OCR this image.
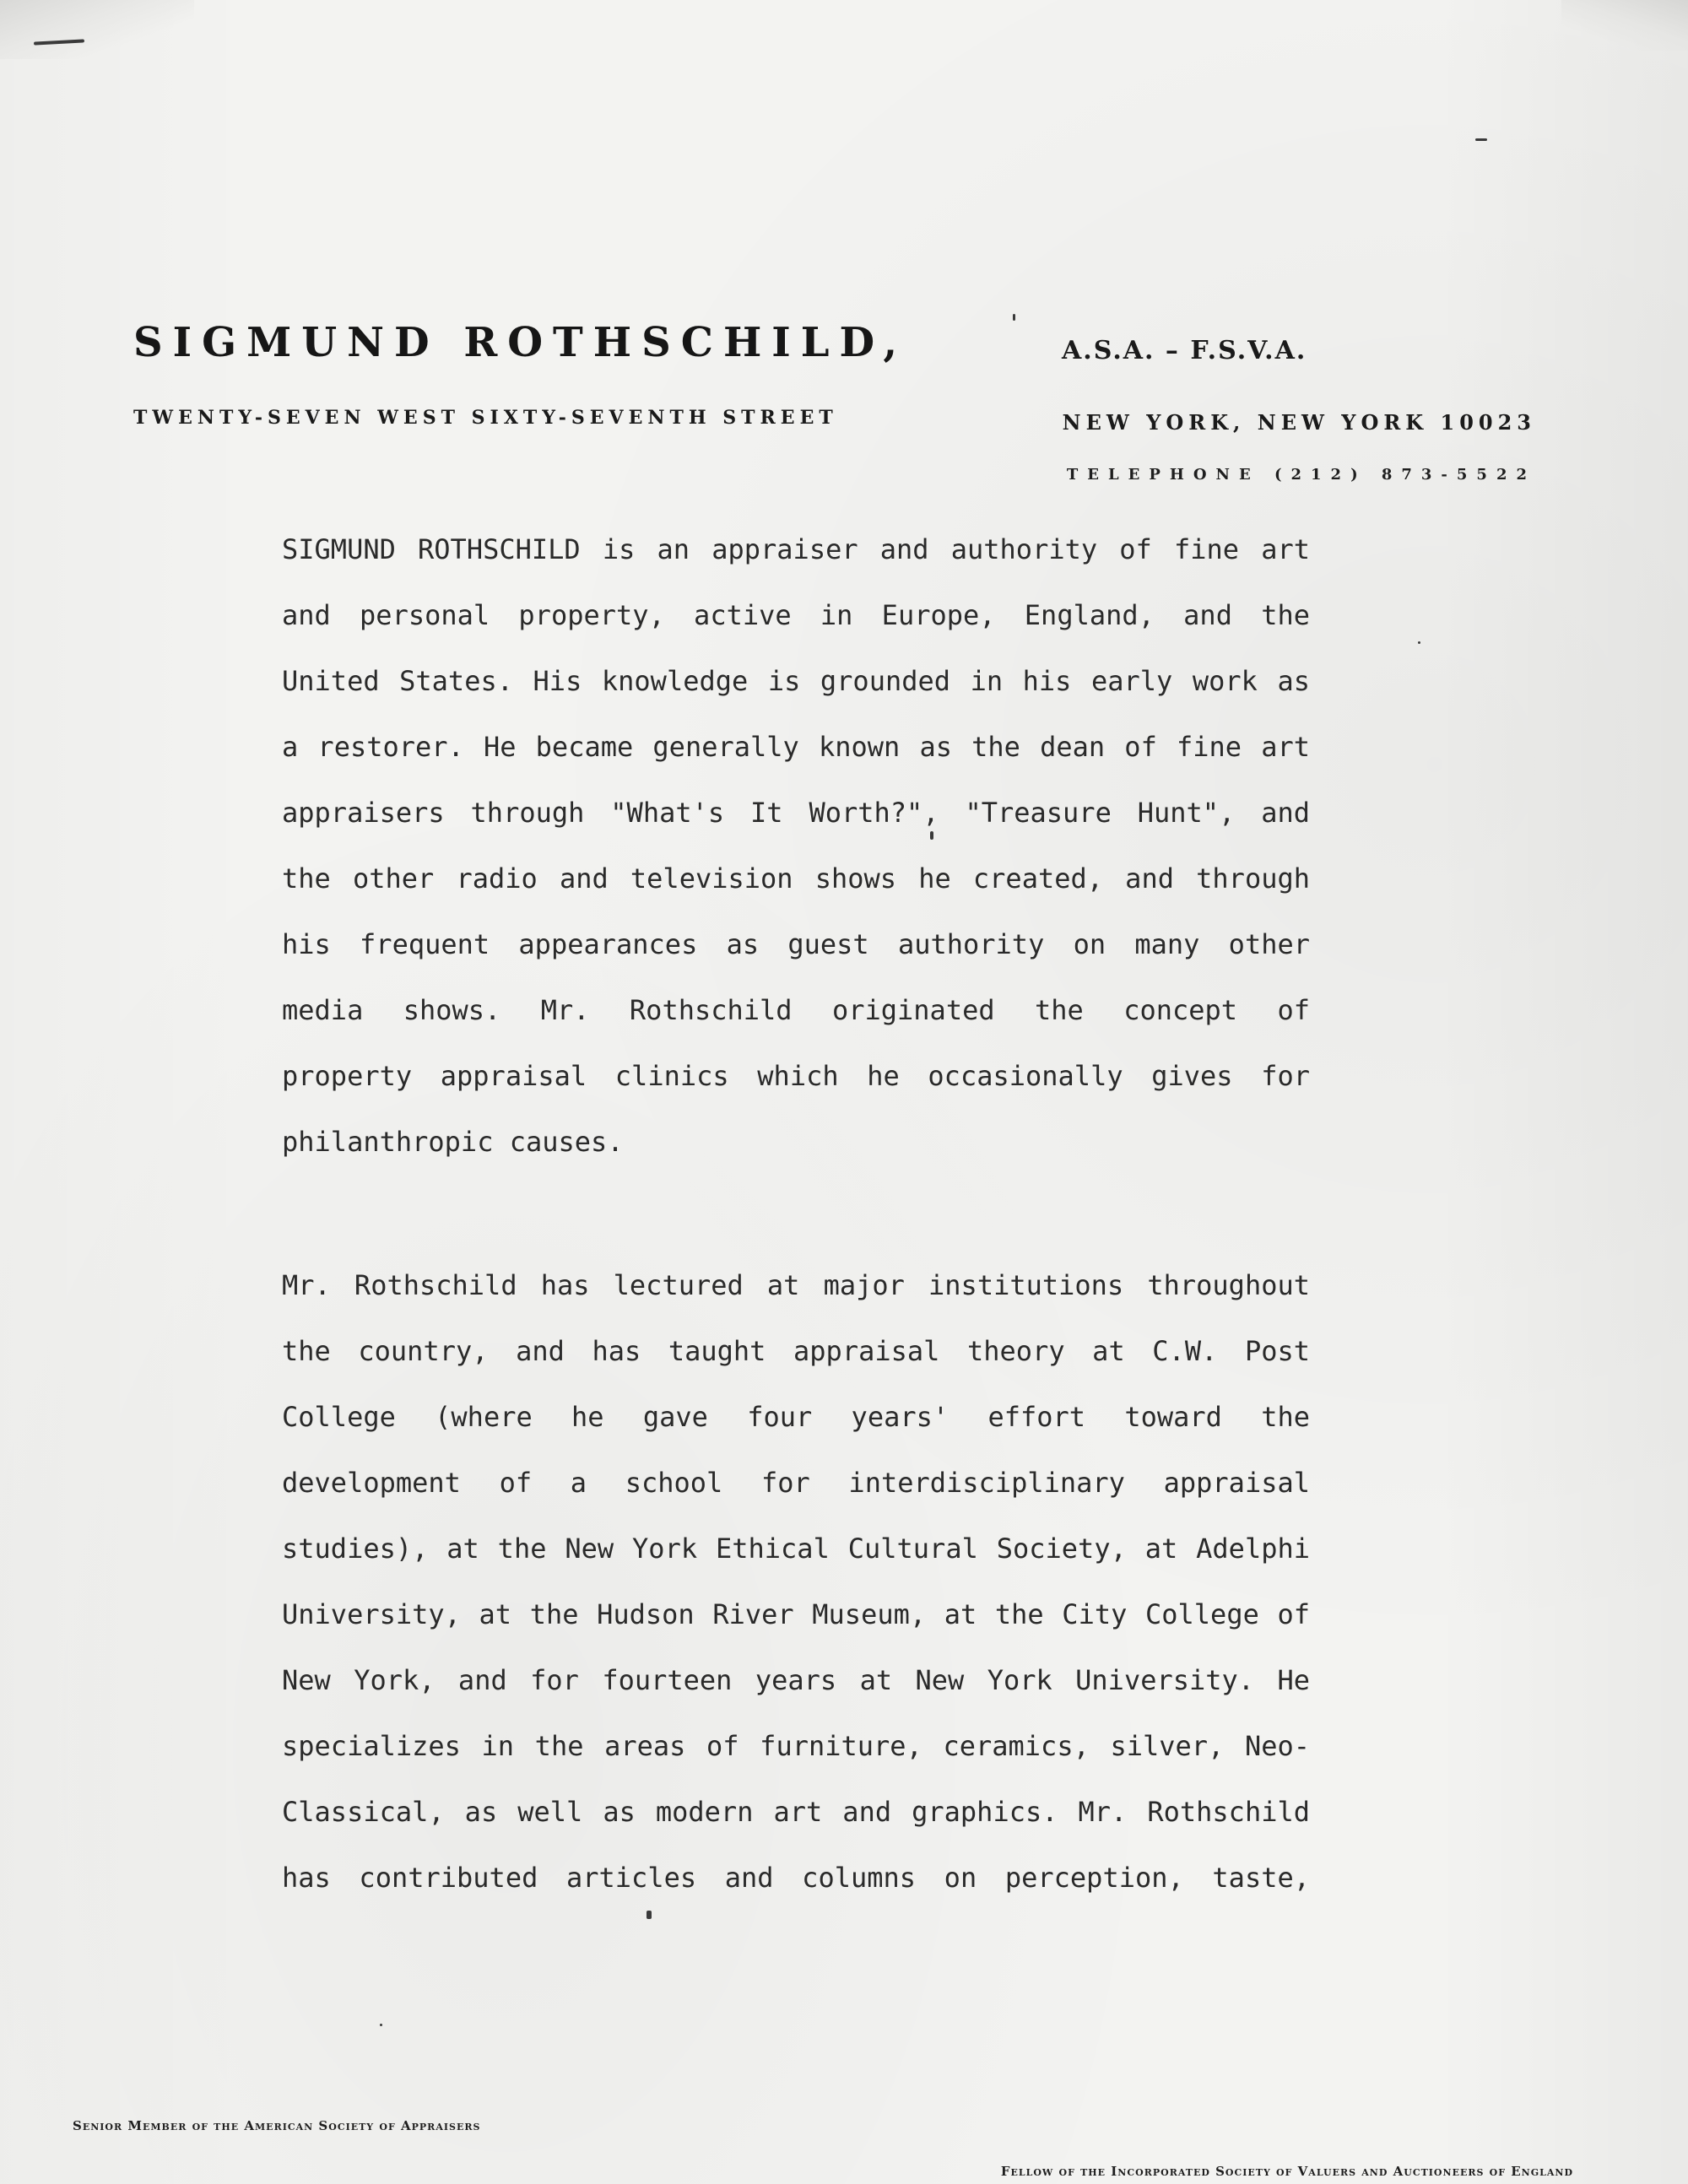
SIGMUND ROTHSCHILD,	A.S.A. – F.S.V.A.
TWENTY-SEVEN WEST SIXTY-SEVENTH STREET	NEW YORK, NEW YORK 10023
TELEPHONE (212) 873-5522
SIGMUND ROTHSCHILD is an appraiser and authority of fine art
and personal property, active in Europe, England, and the
United States. His knowledge is grounded in his early work as
a restorer. He became generally known as the dean of fine art
appraisers through "What's It Worth?", "Treasure Hunt", and
the other radio and television shows he created, and through
his frequent appearances as guest authority on many other
media shows. Mr. Rothschild originated the concept of
property appraisal clinics which he occasionally gives for
philanthropic causes.
Mr. Rothschild has lectured at major institutions throughout
the country, and has taught appraisal theory at C.W. Post
College (where he gave four years' effort toward the
development of a school for interdisciplinary appraisal
studies), at the New York Ethical Cultural Society, at Adelphi
University, at the Hudson River Museum, at the City College of
New York, and for fourteen years at New York University. He
specializes in the areas of furniture, ceramics, silver, Neo-
Classical, as well as modern art and graphics. Mr. Rothschild
has contributed articles and columns on perception, taste,
Senior Member of the American Society of Appraisers
Fellow of the Incorporated Society of Valuers and Auctioneers of England
